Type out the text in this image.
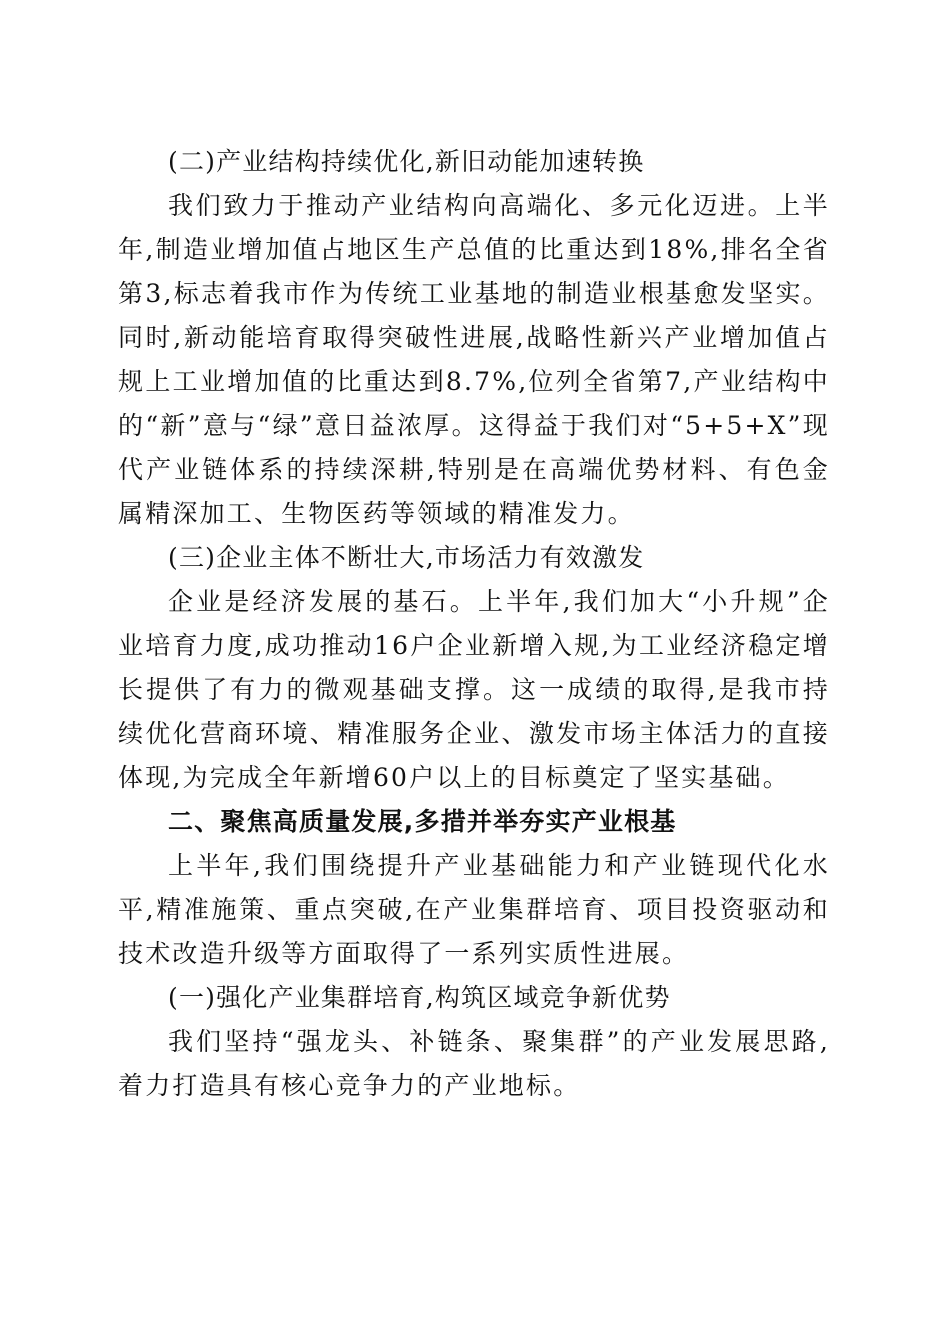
(二)产业结构持续优化,新旧动能加速转换

我们致力于推动产业结构向高端化、多元化迈进。上半年,制造业增加值占地区生产总值的比重达到18%,排名全省第3,标志着我市作为传统工业基地的制造业根基愈发坚实。同时,新动能培育取得突破性进展,战略性新兴产业增加值占规上工业增加值的比重达到8.7%,位列全省第7,产业结构中的“新”意与“绿”意日益浓厚。这得益于我们对“5+5+X”现代产业链体系的持续深耕,特别是在高端优势材料、有色金属精深加工、生物医药等领域的精准发力。

(三)企业主体不断壮大,市场活力有效激发

企业是经济发展的基石。上半年,我们加大“小升规”企业培育力度,成功推动16户企业新增入规,为工业经济稳定增长提供了有力的微观基础支撑。这一成绩的取得,是我市持续优化营商环境、精准服务企业、激发市场主体活力的直接体现,为完成全年新增60户以上的目标奠定了坚实基础。

二、聚焦高质量发展,多措并举夯实产业根基

上半年,我们围绕提升产业基础能力和产业链现代化水平,精准施策、重点突破,在产业集群培育、项目投资驱动和技术改造升级等方面取得了一系列实质性进展。

(一)强化产业集群培育,构筑区域竞争新优势

我们坚持“强龙头、补链条、聚集群”的产业发展思路,着力打造具有核心竞争力的产业地标。
